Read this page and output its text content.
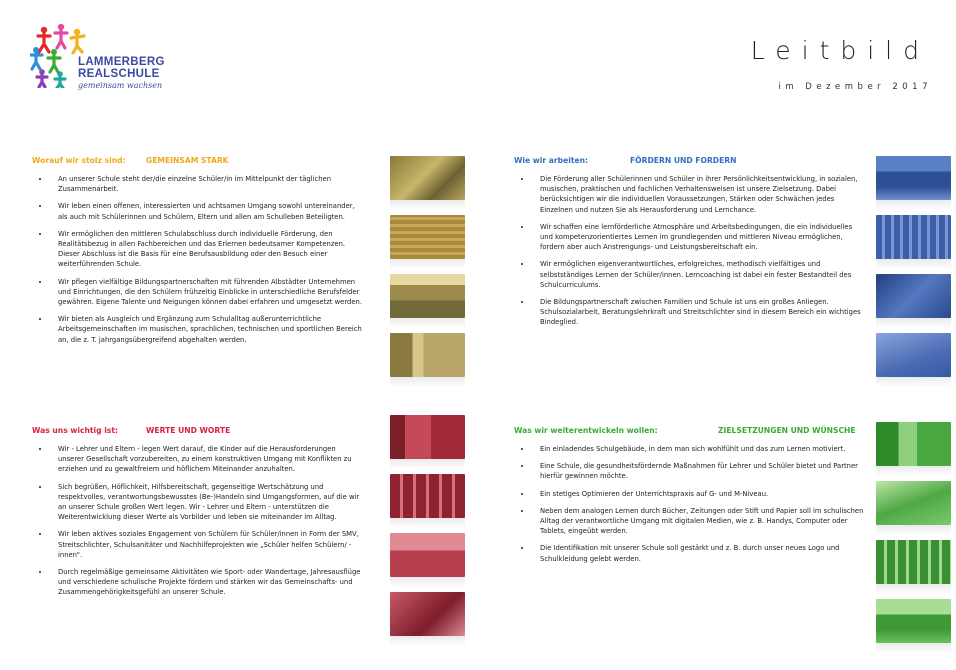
LAMMERBERG
REALSCHULE
gemeinsam wachsen
Leitbild
im Dezember 2017
Worauf wir stolz sind:	GEMEINSAM STARK
• An unserer Schule steht der/die einzelne Schüler/in im Mittelpunkt der täglichen Zusammenarbeit.
• Wir leben einen offenen, interessierten und achtsamen Umgang sowohl untereinander, als auch mit Schülerinnen und Schülern, Eltern und allen am Schulleben Beteiligten.
• Wir ermöglichen den mittleren Schulabschluss durch individuelle Förderung, den Realitätsbezug in allen Fachbereichen und das Erlernen bedeutsamer Kompetenzen. Dieser Abschluss ist die Basis für eine Berufsausbildung oder den Besuch einer weiterführenden Schule.
• Wir pflegen vielfältige Bildungspartnerschaften mit führenden Albstädter Unternehmen und Einrichtungen, die den Schülern frühzeitig Einblicke in unterschiedliche Berufsfelder gewähren. Eigene Talente und Neigungen können dabei erfahren und umgesetzt werden.
• Wir bieten als Ausgleich und Ergänzung zum Schulalltag außerunterrichtliche Arbeitsgemeinschaften im musischen, sprachlichen, technischen und sportlichen Bereich an, die z. T. jahrgangsübergreifend abgehalten werden.
Wie wir arbeiten:	FÖRDERN UND FORDERN
• Die Förderung aller Schülerinnen und Schüler in ihrer Persönlichkeitsentwicklung, in sozialen, musischen, praktischen und fachlichen Verhaltensweisen ist unsere Zielsetzung. Dabei berücksichtigen wir die individuellen Voraussetzungen, Stärken oder Schwächen jedes Einzelnen und nutzen Sie als Herausforderung und Lernchance.
• Wir schaffen eine lernförderliche Atmosphäre und Arbeitsbedingungen, die ein individuelles und kompetenzorientiertes Lernen im grundlegenden und mittleren Niveau ermöglichen, fordern aber auch Anstrengungs- und Leistungsbereitschaft ein.
• Wir ermöglichen eigenverantwortliches, erfolgreiches, methodisch vielfältiges und selbstständiges Lernen der Schüler/innen. Lerncoaching ist dabei ein fester Bestandteil des Schulcurriculums.
• Die Bildungspartnerschaft zwischen Familien und Schule ist uns ein großes Anliegen. Schulsozialarbeit, Beratungslehrkraft und Streitschlichter sind in diesem Bereich ein wichtiges Bindeglied.
Was uns wichtig ist:	WERTE UND WORTE
• Wir - Lehrer und Eltern - legen Wert darauf, die Kinder auf die Herausforderungen unserer Gesellschaft vorzubereiten, zu einem konstruktiven Umgang mit Konflikten zu erziehen und zu gewaltfreiem und höflichem Miteinander anzuhalten.
• Sich begrüßen, Höflichkeit, Hilfsbereitschaft, gegenseitige Wertschätzung und respektvolles, verantwortungsbewusstes (Be-)Handeln sind Umgangsformen, auf die wir an unserer Schule großen Wert legen. Wir - Lehrer und Eltern - unterstützen die Weiterentwicklung dieser Werte als Vorbilder und leben sie miteinander im Alltag.
• Wir leben aktives soziales Engagement von Schülern für Schüler/innen in Form der SMV, Streitschlichter, Schulsanitäter und Nachhilfeprojekten wie „Schüler helfen Schülern/ -innen“.
• Durch regelmäßige gemeinsame Aktivitäten wie Sport- oder Wandertage, Jahresausflüge und verschiedene schulische Projekte fördern und stärken wir das Gemeinschafts- und Zusammengehörigkeitsgefühl an unserer Schule.
Was wir weiterentwickeln wollen:	ZIELSETZUNGEN UND WÜNSCHE
• Ein einladendes Schulgebäude, in dem man sich wohlfühlt und das zum Lernen motiviert.
• Eine Schule, die gesundheitsfördernde Maßnahmen für Lehrer und Schüler bietet und Partner hierfür gewinnen möchte.
• Ein stetiges Optimieren der Unterrichtspraxis auf G- und M-Niveau.
• Neben dem analogen Lernen durch Bücher, Zeitungen oder Stift und Papier soll im schulischen Alltag der verantwortliche Umgang mit digitalen Medien, wie z. B. Handys, Computer oder Tablets, eingeübt werden.
• Die Identifikation mit unserer Schule soll gestärkt und z. B. durch unser neues Logo und Schulkleidung gelebt werden.
